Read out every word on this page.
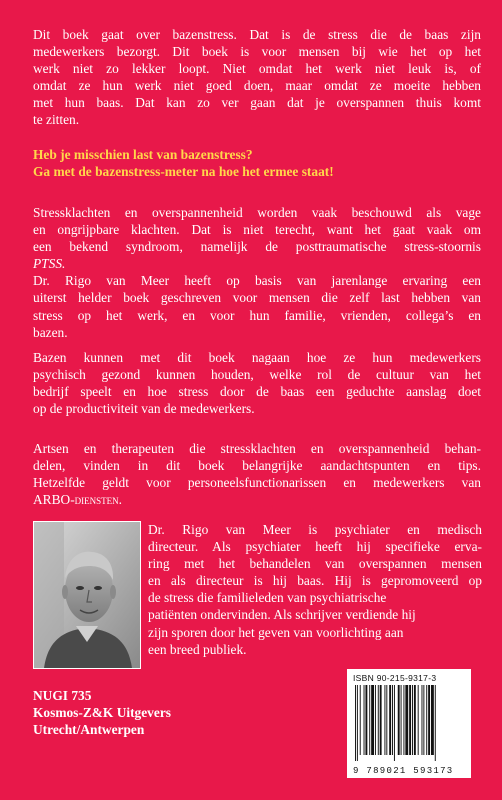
Dit boek gaat over bazenstress. Dat is de stress die de baas zijn
medewerkers bezorgt. Dit boek is voor mensen bij wie het op het
werk niet zo lekker loopt. Niet omdat het werk niet leuk is, of
omdat ze hun werk niet goed doen, maar omdat ze moeite hebben
met hun baas. Dat kan zo ver gaan dat je overspannen thuis komt
te zitten.
Heb je misschien last van bazenstress?
Ga met de bazenstress-meter na hoe het ermee staat!
Stressklachten en overspannenheid worden vaak beschouwd als vage
en ongrijpbare klachten. Dat is niet terecht, want het gaat vaak om
een bekend syndroom, namelijk de posttraumatische stress-stoornis
PTSS.
Dr. Rigo van Meer heeft op basis van jarenlange ervaring een
uiterst helder boek geschreven voor mensen die zelf last hebben van
stress op het werk, en voor hun familie, vrienden, collega’s en
bazen.
Bazen kunnen met dit boek nagaan hoe ze hun medewerkers
psychisch gezond kunnen houden, welke rol de cultuur van het
bedrijf speelt en hoe stress door de baas een geduchte aanslag doet
op de productiviteit van de medewerkers.
Artsen en therapeuten die stressklachten en overspannenheid behan-
delen, vinden in dit boek belangrijke aandachtspunten en tips.
Hetzelfde geldt voor personeelsfunctionarissen en medewerkers van
ARBO-diensten.
Dr. Rigo van Meer is psychiater en medisch
directeur. Als psychiater heeft hij specifieke erva-
ring met het behandelen van overspannen mensen
en als directeur is hij baas. Hij is gepromoveerd op
de stress die familieleden van psychiatrische
patiënten ondervinden. Als schrijver verdiende hij
zijn sporen door het geven van voorlichting aan
een breed publiek.
NUGI 735
Kosmos-Z&K Uitgevers
Utrecht/Antwerpen
ISBN 90-215-9317-3
9 789021 593173
